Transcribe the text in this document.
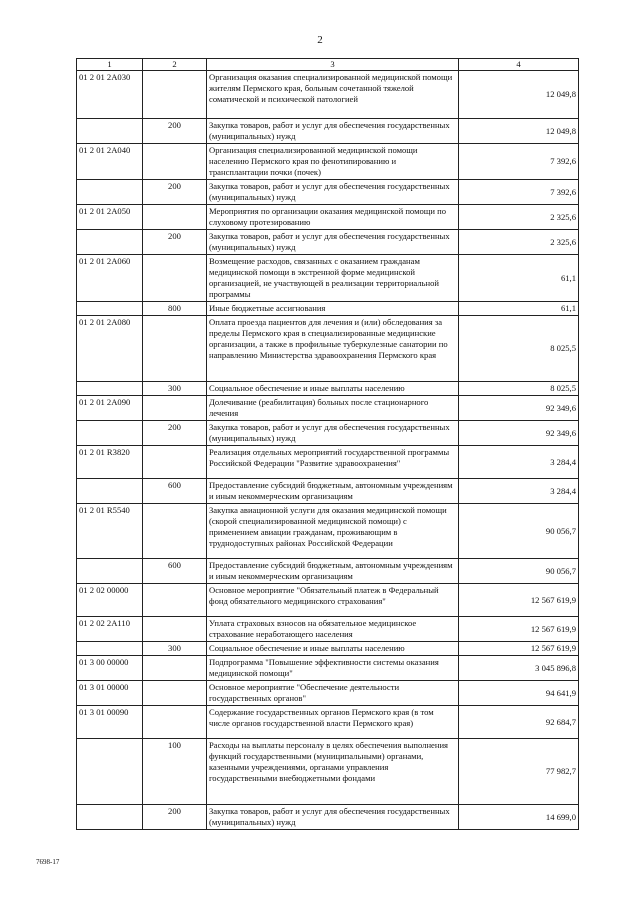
2
1	2	3	4
01 2 01 2А030		Организация оказания специализированной медицинской помощи жителям Пермского края, больным сочетанной тяжелой соматической и психической патологией	12 049,8
	200	Закупка товаров, работ и услуг для обеспечения государственных (муниципальных) нужд	12 049,8
01 2 01 2А040		Организация специализированной медицинской помощи населению Пермского края по фенотипированию и трансплантации почки (почек)	7 392,6
	200	Закупка товаров, работ и услуг для обеспечения государственных (муниципальных) нужд	7 392,6
01 2 01 2А050		Мероприятия по организации оказания медицинской помощи по слуховому протезированию	2 325,6
	200	Закупка товаров, работ и услуг для обеспечения государственных (муниципальных) нужд	2 325,6
01 2 01 2А060		Возмещение расходов, связанных с оказанием гражданам медицинской помощи в экстренной форме медицинской организацией, не участвующей в реализации территориальной программы	61,1
	800	Иные бюджетные ассигнования	61,1
01 2 01 2А080		Оплата проезда пациентов для лечения и (или) обследования за пределы Пермского края в специализированные медицинские организации, а также в профильные туберкулезные санатории по направлению Министерства здравоохранения Пермского края	8 025,5
	300	Социальное обеспечение и иные выплаты населению	8 025,5
01 2 01 2А090		Долечивание (реабилитация) больных после стационарного лечения	92 349,6
	200	Закупка товаров, работ и услуг для обеспечения государственных (муниципальных) нужд	92 349,6
01 2 01 R3820		Реализация отдельных мероприятий государственной программы Российской Федерации "Развитие здравоохранения"	3 284,4
	600	Предоставление субсидий бюджетным, автономным учреждениям и иным некоммерческим организациям	3 284,4
01 2 01 R5540		Закупка авиационной услуги для оказания медицинской помощи (скорой специализированной медицинской помощи) с применением авиации гражданам, проживающим в труднодоступных районах Российской Федерации	90 056,7
	600	Предоставление субсидий бюджетным, автономным учреждениям и иным некоммерческим организациям	90 056,7
01 2 02 00000		Основное мероприятие "Обязательный платеж в Федеральный фонд обязательного медицинского страхования"	12 567 619,9
01 2 02 2А110		Уплата страховых взносов на обязательное медицинское страхование неработающего населения	12 567 619,9
	300	Социальное обеспечение и иные выплаты населению	12 567 619,9
01 3 00 00000		Подпрограмма "Повышение эффективности системы оказания медицинской помощи"	3 045 896,8
01 3 01 00000		Основное мероприятие "Обеспечение деятельности государственных органов"	94 641,9
01 3 01 00090		Содержание государственных органов Пермского края (в том числе органов государственной власти Пермского края)	92 684,7
	100	Расходы на выплаты персоналу в целях обеспечения выполнения функций государственными (муниципальными) органами, казенными учреждениями, органами управления государственными внебюджетными фондами	77 982,7
	200	Закупка товаров, работ и услуг для обеспечения государственных (муниципальных) нужд	14 699,0
7698-17
